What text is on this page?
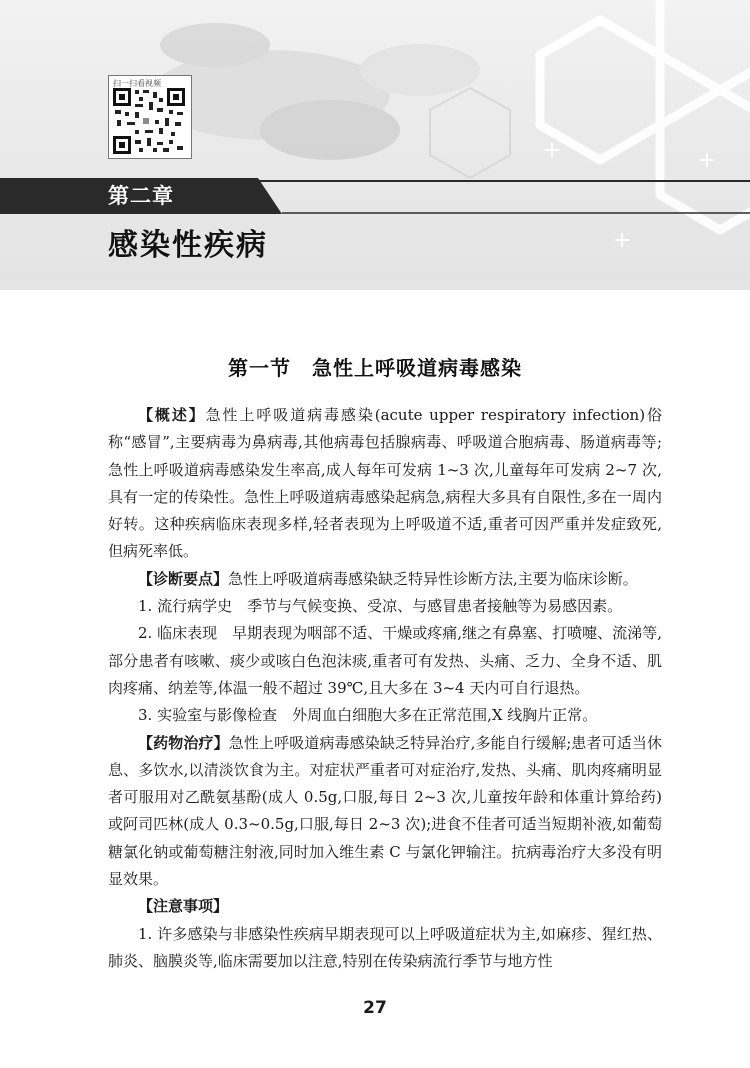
扫一扫看视频
第二章
感染性疾病
第一节　急性上呼吸道病毒感染

【概述】急性上呼吸道病毒感染(acute upper respiratory infection)俗称“感冒”,主要病毒为鼻病毒,其他病毒包括腺病毒、呼吸道合胞病毒、肠道病毒等;急性上呼吸道病毒感染发生率高,成人每年可发病 1~3 次,儿童每年可发病 2~7 次,具有一定的传染性。急性上呼吸道病毒感染起病急,病程大多具有自限性,多在一周内好转。这种疾病临床表现多样,轻者表现为上呼吸道不适,重者可因严重并发症致死,但病死率低。

【诊断要点】急性上呼吸道病毒感染缺乏特异性诊断方法,主要为临床诊断。

1. 流行病学史　季节与气候变换、受凉、与感冒患者接触等为易感因素。

2. 临床表现　早期表现为咽部不适、干燥或疼痛,继之有鼻塞、打喷嚏、流涕等,部分患者有咳嗽、痰少或咳白色泡沫痰,重者可有发热、头痛、乏力、全身不适、肌肉疼痛、纳差等,体温一般不超过 39℃,且大多在 3~4 天内可自行退热。

3. 实验室与影像检查　外周血白细胞大多在正常范围,X 线胸片正常。

【药物治疗】急性上呼吸道病毒感染缺乏特异治疗,多能自行缓解;患者可适当休息、多饮水,以清淡饮食为主。对症状严重者可对症治疗,发热、头痛、肌肉疼痛明显者可服用对乙酰氨基酚(成人 0.5g,口服,每日 2~3 次,儿童按年龄和体重计算给药)或阿司匹林(成人 0.3~0.5g,口服,每日 2~3 次);进食不佳者可适当短期补液,如葡萄糖氯化钠或葡萄糖注射液,同时加入维生素 C 与氯化钾输注。抗病毒治疗大多没有明显效果。

【注意事项】

1. 许多感染与非感染性疾病早期表现可以上呼吸道症状为主,如麻疹、猩红热、肺炎、脑膜炎等,临床需要加以注意,特别在传染病流行季节与地方性

27
